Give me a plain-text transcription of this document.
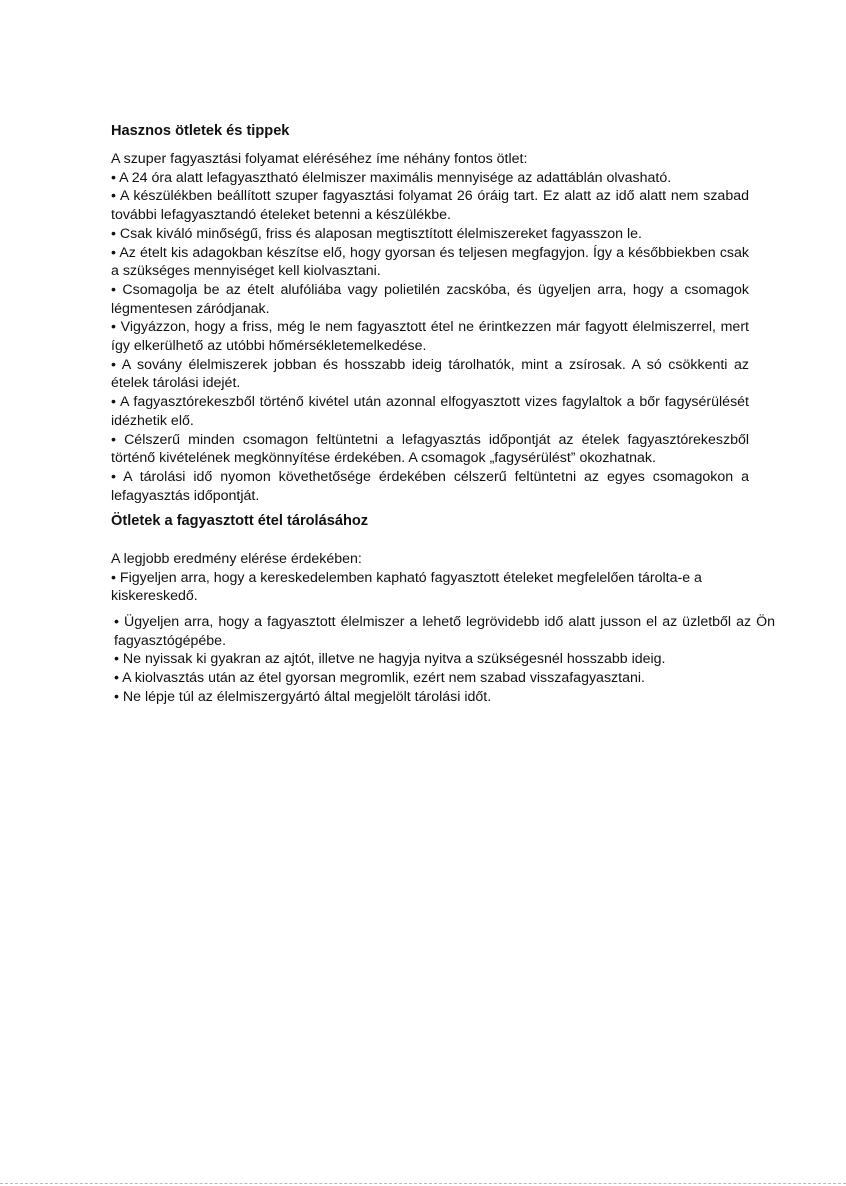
Hasznos ötletek és tippek

A szuper fagyasztási folyamat eléréséhez íme néhány fontos ötlet:

• A 24 óra alatt lefagyasztható élelmiszer maximális mennyisége az adattáblán olvasható.

• A készülékben beállított szuper fagyasztási folyamat 26 óráig tart. Ez alatt az idő alatt nem szabad további lefagyasztandó ételeket betenni a készülékbe.

• Csak kiváló minőségű, friss és alaposan megtisztított élelmiszereket fagyasszon le.

• Az ételt kis adagokban készítse elő, hogy gyorsan és teljesen megfagyjon. Így a későbbiekben csak a szükséges mennyiséget kell kiolvasztani.

• Csomagolja be az ételt alufóliába vagy polietilén zacskóba, és ügyeljen arra, hogy a csomagok légmentesen záródjanak.

• Vigyázzon, hogy a friss, még le nem fagyasztott étel ne érintkezzen már fagyott élelmiszerrel, mert így elkerülhető az utóbbi hőmérsékletemelkedése.

• A sovány élelmiszerek jobban és hosszabb ideig tárolhatók, mint a zsírosak. A só csökkenti az ételek tárolási idejét.

• A fagyasztórekeszből történő kivétel után azonnal elfogyasztott vizes fagylaltok a bőr fagysérülését idézhetik elő.

• Célszerű minden csomagon feltüntetni a lefagyasztás időpontját az ételek fagyasztórekeszből történő kivételének megkönnyítése érdekében. A csomagok „fagysérülést” okozhatnak.

• A tárolási idő nyomon követhetősége érdekében célszerű feltüntetni az egyes csomagokon a lefagyasztás időpontját.

Ötletek a fagyasztott étel tárolásához

A legjobb eredmény elérése érdekében:

• Figyeljen arra, hogy a kereskedelemben kapható fagyasztott ételeket megfelelően tárolta-e a kiskereskedő.

• Ügyeljen arra, hogy a fagyasztott élelmiszer a lehető legrövidebb idő alatt jusson el az üzletből az Ön fagyasztógépébe.

• Ne nyissak ki gyakran az ajtót, illetve ne hagyja nyitva a szükségesnél hosszabb ideig.

• A kiolvasztás után az étel gyorsan megromlik, ezért nem szabad visszafagyasztani.

• Ne lépje túl az élelmiszergyártó által megjelölt tárolási időt.
